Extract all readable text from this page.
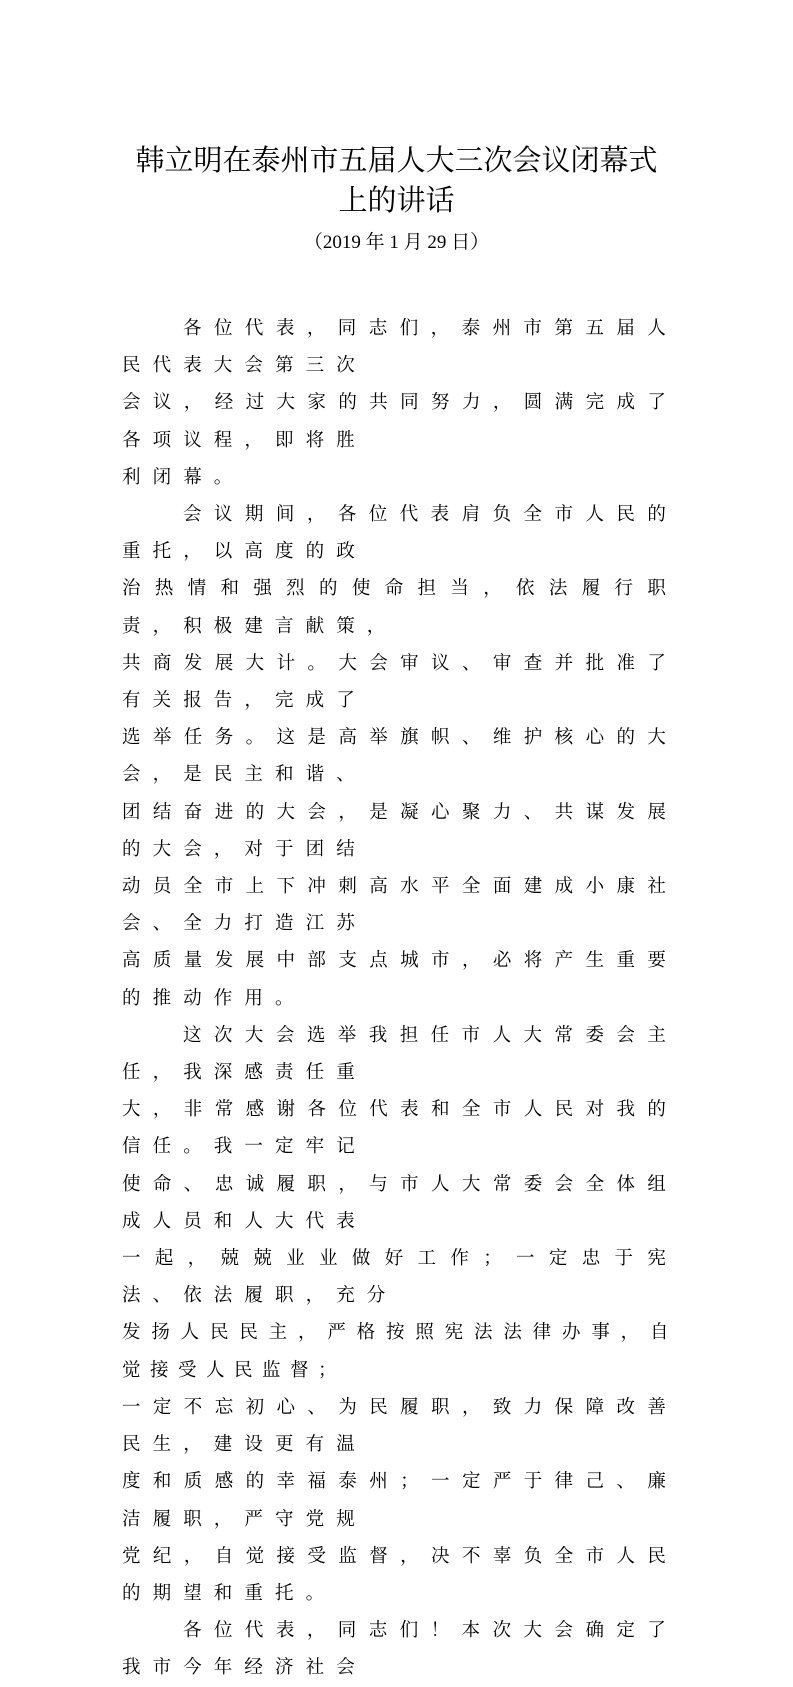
韩立明在泰州市五届人大三次会议闭幕式
上的讲话
（2019 年 1 月 29 日）

各位代表，同志们，泰州市第五届人民代表大会第三次
会议，经过大家的共同努力，圆满完成了各项议程，即将胜
利闭幕。

会议期间，各位代表肩负全市人民的重托，以高度的政
治热情和强烈的使命担当，依法履行职责，积极建言献策，
共商发展大计。大会审议、审查并批准了有关报告，完成了
选举任务。这是高举旗帜、维护核心的大会，是民主和谐、
团结奋进的大会，是凝心聚力、共谋发展的大会，对于团结
动员全市上下冲刺高水平全面建成小康社会、全力打造江苏
高质量发展中部支点城市，必将产生重要的推动作用。

这次大会选举我担任市人大常委会主任，我深感责任重
大，非常感谢各位代表和全市人民对我的信任。我一定牢记
使命、忠诚履职，与市人大常委会全体组成人员和人大代表
一起，兢兢业业做好工作；一定忠于宪法、依法履职，充分
发扬人民民主，严格按照宪法法律办事，自觉接受人民监督；
一定不忘初心、为民履职，致力保障改善民生，建设更有温
度和质感的幸福泰州；一定严于律己、廉洁履职，严守党规
党纪，自觉接受监督，决不辜负全市人民的期望和重托。

各位代表，同志们！本次大会确定了我市今年经济社会
